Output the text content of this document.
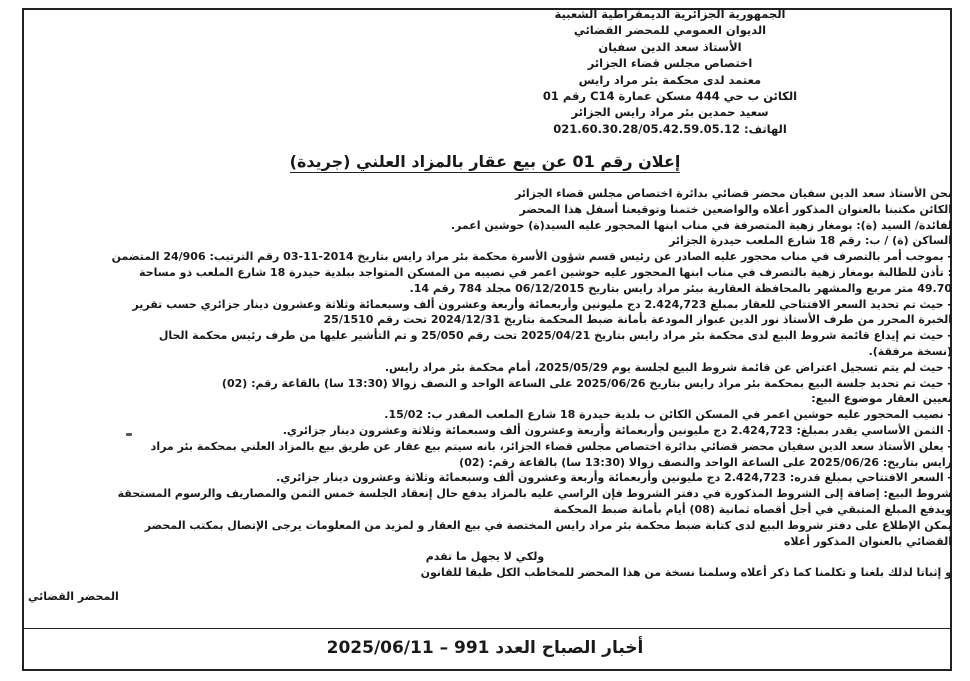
الجمهورية الجزائرية الديمقراطية الشعبية
الديوان العمومي للمحضر القضائي
الأستاذ سعد الدين سفيان
اختصاص مجلس قضاء الجزائر
معتمد لدى محكمة بئر مراد رايس
الكائن ب حي 444 مسكن عمارة C14 رقم 01
سعيد حمدين بئر مراد رايس الجزائر
الهاتف: 021.60.30.28/05.42.59.05.12
إعلان رقم 01 عن بيع عقار بالمزاد العلني (جريدة)
نحن الأستاذ سعد الدين سفيان محضر قضائي بدائرة اختصاص مجلس قضاء الجزائر
الكائن مكتبنا بالعنوان المذكور أعلاه والواضعين ختمنا وتوقيعنا أسفل هذا المحضر
لفائدة/ السيد (ة): بومغار زهية المتصرفة في مناب ابنها المحجور عليه السيد(ة) حوشين اعمر.
الساكن (ة) / ب: رقم 18 شارع الملعب حيدرة الجزائر
- بموجب أمر بالتصرف في مناب محجور عليه الصادر عن رئيس قسم شؤون الأسرة محكمة بئر مراد رايس بتاريخ 2014-11-03 رقم الترتيب: 24/906 المتضمن
: تأذن للطالبة بومغار زهية بالتصرف في مناب ابنها المحجور عليه حوشين اعمر في نصيبه من المسكن المتواجد ببلدية حيدرة 18 شارع الملعب ذو مساحة
49.70 متر مربع والمشهر بالمحافظة العقارية ببئر مراد رايس بتاريخ 06/12/2015 مجلد 784 رقم 14.
- حيث تم تحديد السعر الافتتاحي للعقار بمبلغ 2.424,723 دج مليونين وأربعمائة وأربعة وعشرون ألف وسبعمائة وثلاثة وعشرون دينار جزائري حسب تقرير
الخبرة المحرر من طرف الأستاذ نور الدين عبواز المودعة بأمانة ضبط المحكمة بتاريخ 2024/12/31 تحت رقم 25/1510
- حيث تم إيداع قائمة شروط البيع لدى محكمة بئر مراد رايس بتاريخ 2025/04/21 تحت رقم 25/050 و تم التأشير عليها من طرف رئيس محكمة الحال
(نسخة مرفقة).
- حيث لم يتم تسجيل اعتراض عن قائمة شروط البيع لجلسة يوم 2025/05/29، أمام محكمة بئر مراد رايس.
- حيث تم تحديد جلسة البيع بمحكمة بئر مراد رايس بتاريخ 2025/06/26 على الساعة الواحد و النصف زوالا (13:30 سا) بالقاعة رقم: (02)
تعيين العقار موضوع البيع:
- نصيب المحجور عليه حوشين اعمر في المسكن الكائن ب بلدية حيدرة 18 شارع الملعب المقدر ب: 15/02.
- الثمن الأساسي يقدر بمبلغ: 2.424,723 دج مليونين وأربعمائة وأربعة وعشرون ألف وسبعمائة وثلاثة وعشرون دينار جزائري.
- يعلن الأستاذ سعد الدين سفيان محضر قضائي بدائرة اختصاص مجلس قضاء الجزائر، بانه سيتم بيع عقار عن طريق بيع بالمزاد العلني بمحكمة بئر مراد
رايس بتاريخ: 2025/06/26 على الساعة الواحد والنصف زوالا (13:30 سا) بالقاعة رقم: (02)
- السعر الافتتاحي بمبلغ قدره: 2.424,723 دج مليونين وأربعمائة وأربعة وعشرون ألف وسبعمائة وثلاثة وعشرون دينار جزائري.
شروط البيع: إضافة إلى الشروط المذكورة في دفتر الشروط فإن الراسي عليه بالمزاد يدفع حال إنعقاد الجلسة خمس الثمن والمصاريف والرسوم المستحقة
ويدفع المبلغ المتبقي في أجل أقصاه ثمانية (08) أيام بأمانة ضبط المحكمة
يمكن الإطلاع على دفتر شروط البيع لدى كتابة ضبط محكمة بئر مراد رايس المختصة في بيع العقار و لمزيد من المعلومات يرجى الإتصال بمكتب المحضر
القضائي بالعنوان المذكور أعلاه
ولكي لا يجهل ما تقدم
و إثباتا لذلك بلغنا و تكلمنا كما ذكر أعلاه وسلمنا نسخة من هذا المحضر للمخاطب الكل طبقا للقانون
المحضر القضائي
أخبار الصباح العدد 991 – 2025/06/11
